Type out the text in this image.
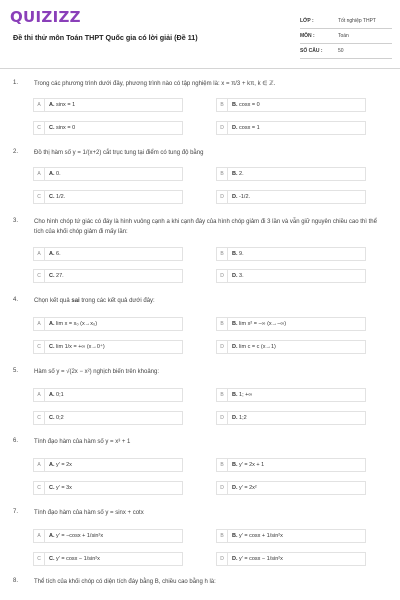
QUIZIZZ
Đề thi thử môn Toán THPT Quốc gia có lời giải (Đề 11)
LỚP :	Tốt nghiệp THPT
MÔN :	Toán
SỐ CÂU :	50
1.	Trong các phương trình dưới đây, phương trình nào có tập nghiệm là: x = π/3 + kπ, k ∈ ℤ.
A	A. sinx = 1	B	B. cosx = 0
C	C. sinx = 0	D	D. cosx = 1
2.	Đồ thị hàm số y = 1/(x+2) cắt trục tung tại điểm có tung độ bằng
A	A. 0.	B	B. 2.
C	C. 1/2.	D	D. -1/2.
3.	Cho hình chóp tứ giác có đáy là hình vuông cạnh a khi cạnh đáy của hình chóp giảm đi 3 lần và vẫn giữ nguyên chiều cao thì thể tích của khối chóp giảm đi mấy lần:
A	A. 6.	B	B. 9.
C	C. 27.	D	D. 3.
4.	Chọn kết quả sai trong các kết quả dưới đây:
A	A. lim x = x₀ (x→x₀)	B	B. lim x² = −∞ (x→−∞)
C	C. lim 1/x = +∞ (x→0⁺)	D	D. lim c = c (x→1)
5.	Hàm số y = √(2x − x²) nghịch biến trên khoảng:
A	A. 0;1	B	B. 1; +∞
C	C. 0;2	D	D. 1;2
6.	Tính đạo hàm của hàm số y = x³ + 1
A	A. y′ = 2x	B	B. y′ = 2x + 1
C	C. y′ = 3x	D	D. y′ = 2x²
7.	Tính đạo hàm của hàm số y = sinx + cotx
A	A. y′ = −cosx + 1/sin²x	B	B. y′ = cosx + 1/sin²x
C	C. y′ = cosx − 1/sin²x	D	D. y′ = cosx − 1/sin²x
8.	Thể tích của khối chóp có diện tích đáy bằng B, chiều cao bằng h là:
